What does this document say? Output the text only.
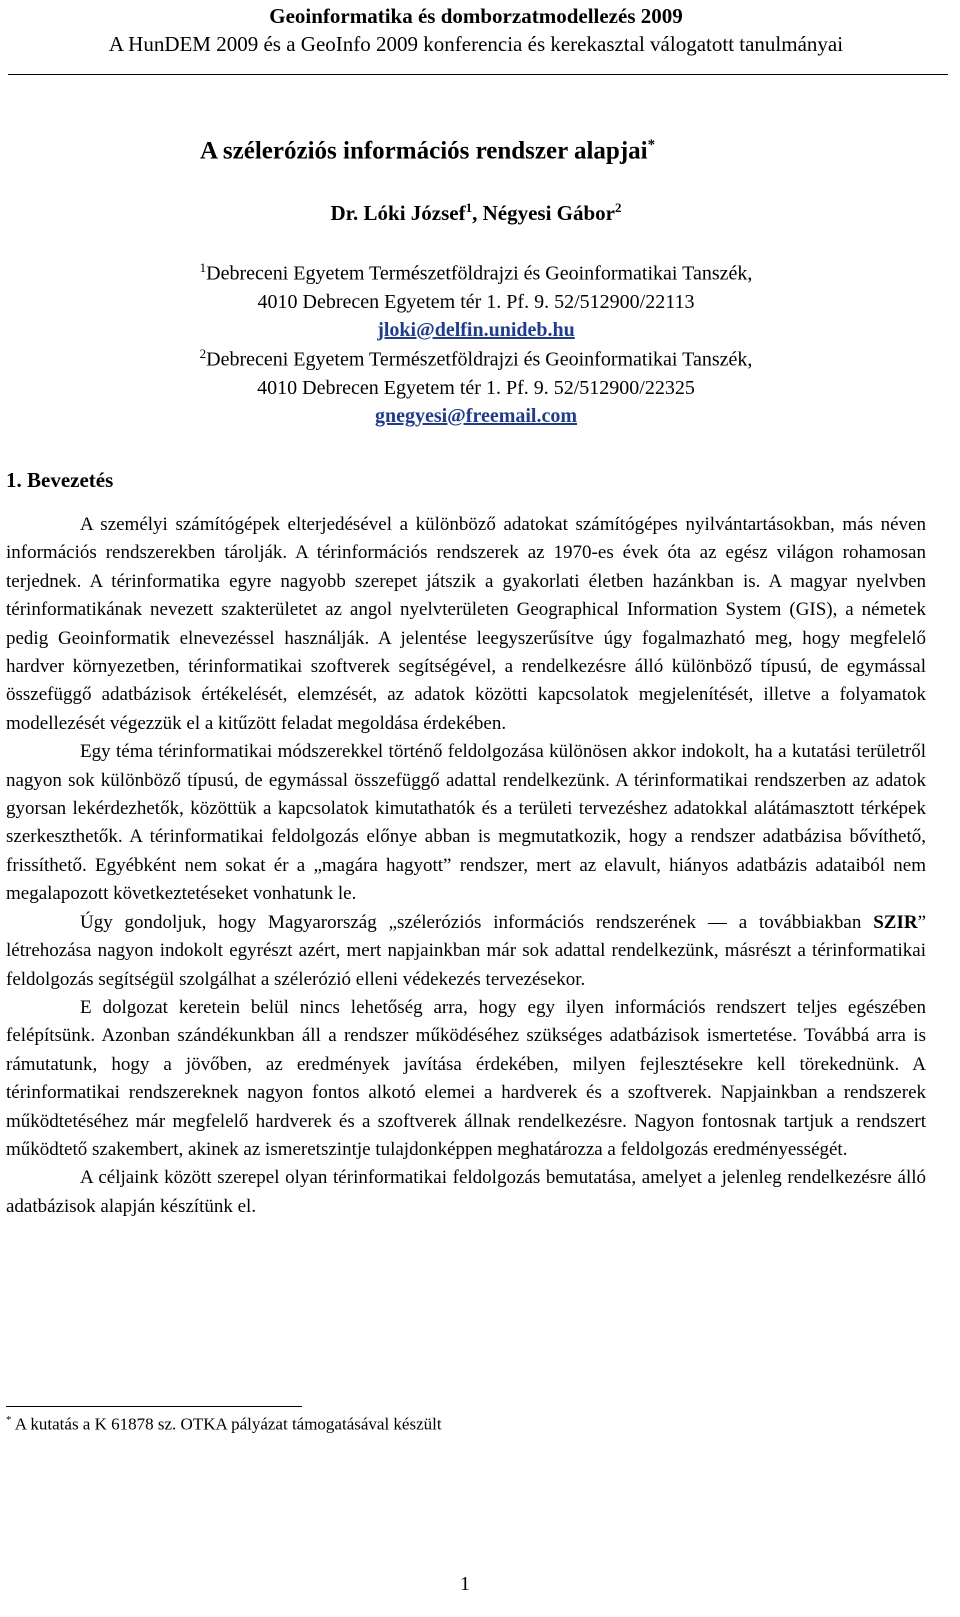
Geoinformatika és domborzatmodellezés 2009
A HunDEM 2009 és a GeoInfo 2009 konferencia és kerekasztal válogatott tanulmányai
A széleróziós információs rendszer alapjai*
Dr. Lóki József$^1$, Négyesi Gábor$^2$
$^1$Debreceni Egyetem Természetföldrajzi és Geoinformatikai Tanszék,
4010 Debrecen Egyetem tér 1. Pf. 9. 52/512900/22113
jloki@delfin.unideb.hu
$^2$Debreceni Egyetem Természetföldrajzi és Geoinformatikai Tanszék,
4010 Debrecen Egyetem tér 1. Pf. 9. 52/512900/22325
gnegyesi@freemail.com
1. Bevezetés

A személyi számítógépek elterjedésével a különböző adatokat számítógépes nyilvántartásokban, más néven információs rendszerekben tárolják. A térinformációs rendszerek az 1970-es évek óta az egész világon rohamosan terjednek. A térinformatika egyre nagyobb szerepet játszik a gyakorlati életben hazánkban is. A magyar nyelvben térinformatikának nevezett szakterületet az angol nyelvterületen Geographical Information System (GIS), a németek pedig Geoinformatik elnevezéssel használják. A jelentése leegyszerűsítve úgy fogalmazható meg, hogy megfelelő hardver környezetben, térinformatikai szoftverek segítségével, a rendelkezésre álló különböző típusú, de egymással összefüggő adatbázisok értékelését, elemzését, az adatok közötti kapcsolatok megjelenítését, illetve a folyamatok modellezését végezzük el a kitűzött feladat megoldása érdekében.

Egy téma térinformatikai módszerekkel történő feldolgozása különösen akkor indokolt, ha a kutatási területről nagyon sok különböző típusú, de egymással összefüggő adattal rendelkezünk. A térinformatikai rendszerben az adatok gyorsan lekérdezhetők, közöttük a kapcsolatok kimutathatók és a területi tervezéshez adatokkal alátámasztott térképek szerkeszthetők. A térinformatikai feldolgozás előnye abban is megmutatkozik, hogy a rendszer adatbázisa bővíthető, frissíthető. Egyébként nem sokat ér a „magára hagyott” rendszer, mert az elavult, hiányos adatbázis adataiból nem megalapozott következtetéseket vonhatunk le.

Úgy gondoljuk, hogy Magyarország „széleróziós információs rendszerének ― a továbbiakban SZIR” létrehozása nagyon indokolt egyrészt azért, mert napjainkban már sok adattal rendelkezünk, másrészt a térinformatikai feldolgozás segítségül szolgálhat a szélerózió elleni védekezés tervezésekor.

E dolgozat keretein belül nincs lehetőség arra, hogy egy ilyen információs rendszert teljes egészében felépítsünk. Azonban szándékunkban áll a rendszer működéséhez szükséges adatbázisok ismertetése. Továbbá arra is rámutatunk, hogy a jövőben, az eredmények javítása érdekében, milyen fejlesztésekre kell törekednünk. A térinformatikai rendszereknek nagyon fontos alkotó elemei a hardverek és a szoftverek. Napjainkban a rendszerek működtetéséhez már megfelelő hardverek és a szoftverek állnak rendelkezésre. Nagyon fontosnak tartjuk a rendszert működtető szakembert, akinek az ismeretszintje tulajdonképpen meghatározza a feldolgozás eredményességét.

A céljaink között szerepel olyan térinformatikai feldolgozás bemutatása, amelyet a jelenleg rendelkezésre álló adatbázisok alapján készítünk el.

* A kutatás a K 61878 sz. OTKA pályázat támogatásával készült
1
